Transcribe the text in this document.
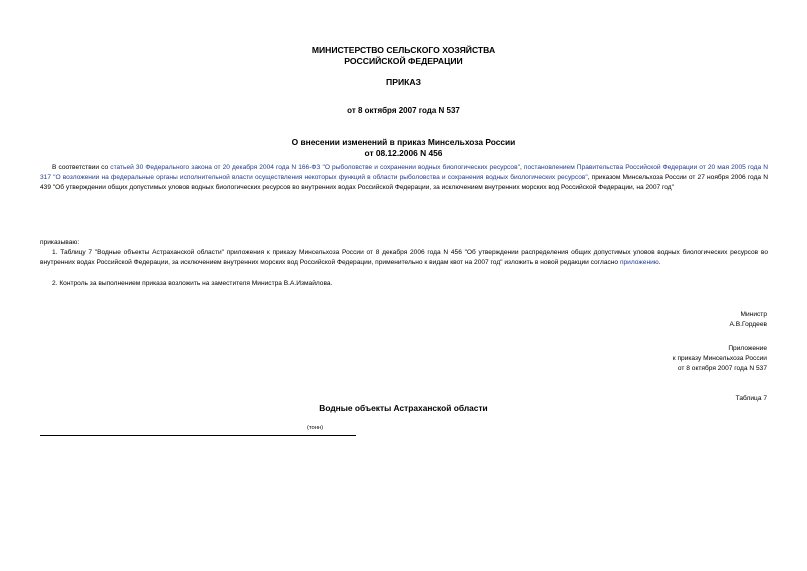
МИНИСТЕРСТВО СЕЛЬСКОГО ХОЗЯЙСТВА
РОССИЙСКОЙ ФЕДЕРАЦИИ
ПРИКАЗ
от 8 октября 2007 года N 537
О внесении изменений в приказ Минсельхоза России
от 08.12.2006 N 456
В соответствии со статьей 30 Федерального закона от 20 декабря 2004 года N 166-ФЗ "О рыболовстве и сохранении водных биологических ресурсов", постановлением Правительства Российской Федерации от 20 мая 2005 года N 317 "О возложении на федеральные органы исполнительной власти осуществления некоторых функций в области рыболовства и сохранения водных биологических ресурсов", приказом Минсельхоза России от 27 ноября 2006 года N 439 "Об утверждении общих допустимых уловов водных биологических ресурсов во внутренних водах Российской Федерации, за исключением внутренних морских вод Российской Федерации, на 2007 год"
приказываю:
1. Таблицу 7 "Водные объекты Астраханской области" приложения к приказу Минсельхоза России от 8 декабря 2006 года N 456 "Об утверждении распределения общих допустимых уловов водных биологических ресурсов во внутренних водах Российской Федерации, за исключением внутренних морских вод Российской Федерации, применительно к видам квот на 2007 год" изложить в новой редакции согласно приложению.
2. Контроль за выполнением приказа возложить на заместителя Министра В.А.Измайлова.
Министр
А.В.Гордеев
Приложение
к приказу Минсельхоза России
от 8 октября 2007 года N 537
Таблица 7
Водные объекты Астраханской области
(тонн)
